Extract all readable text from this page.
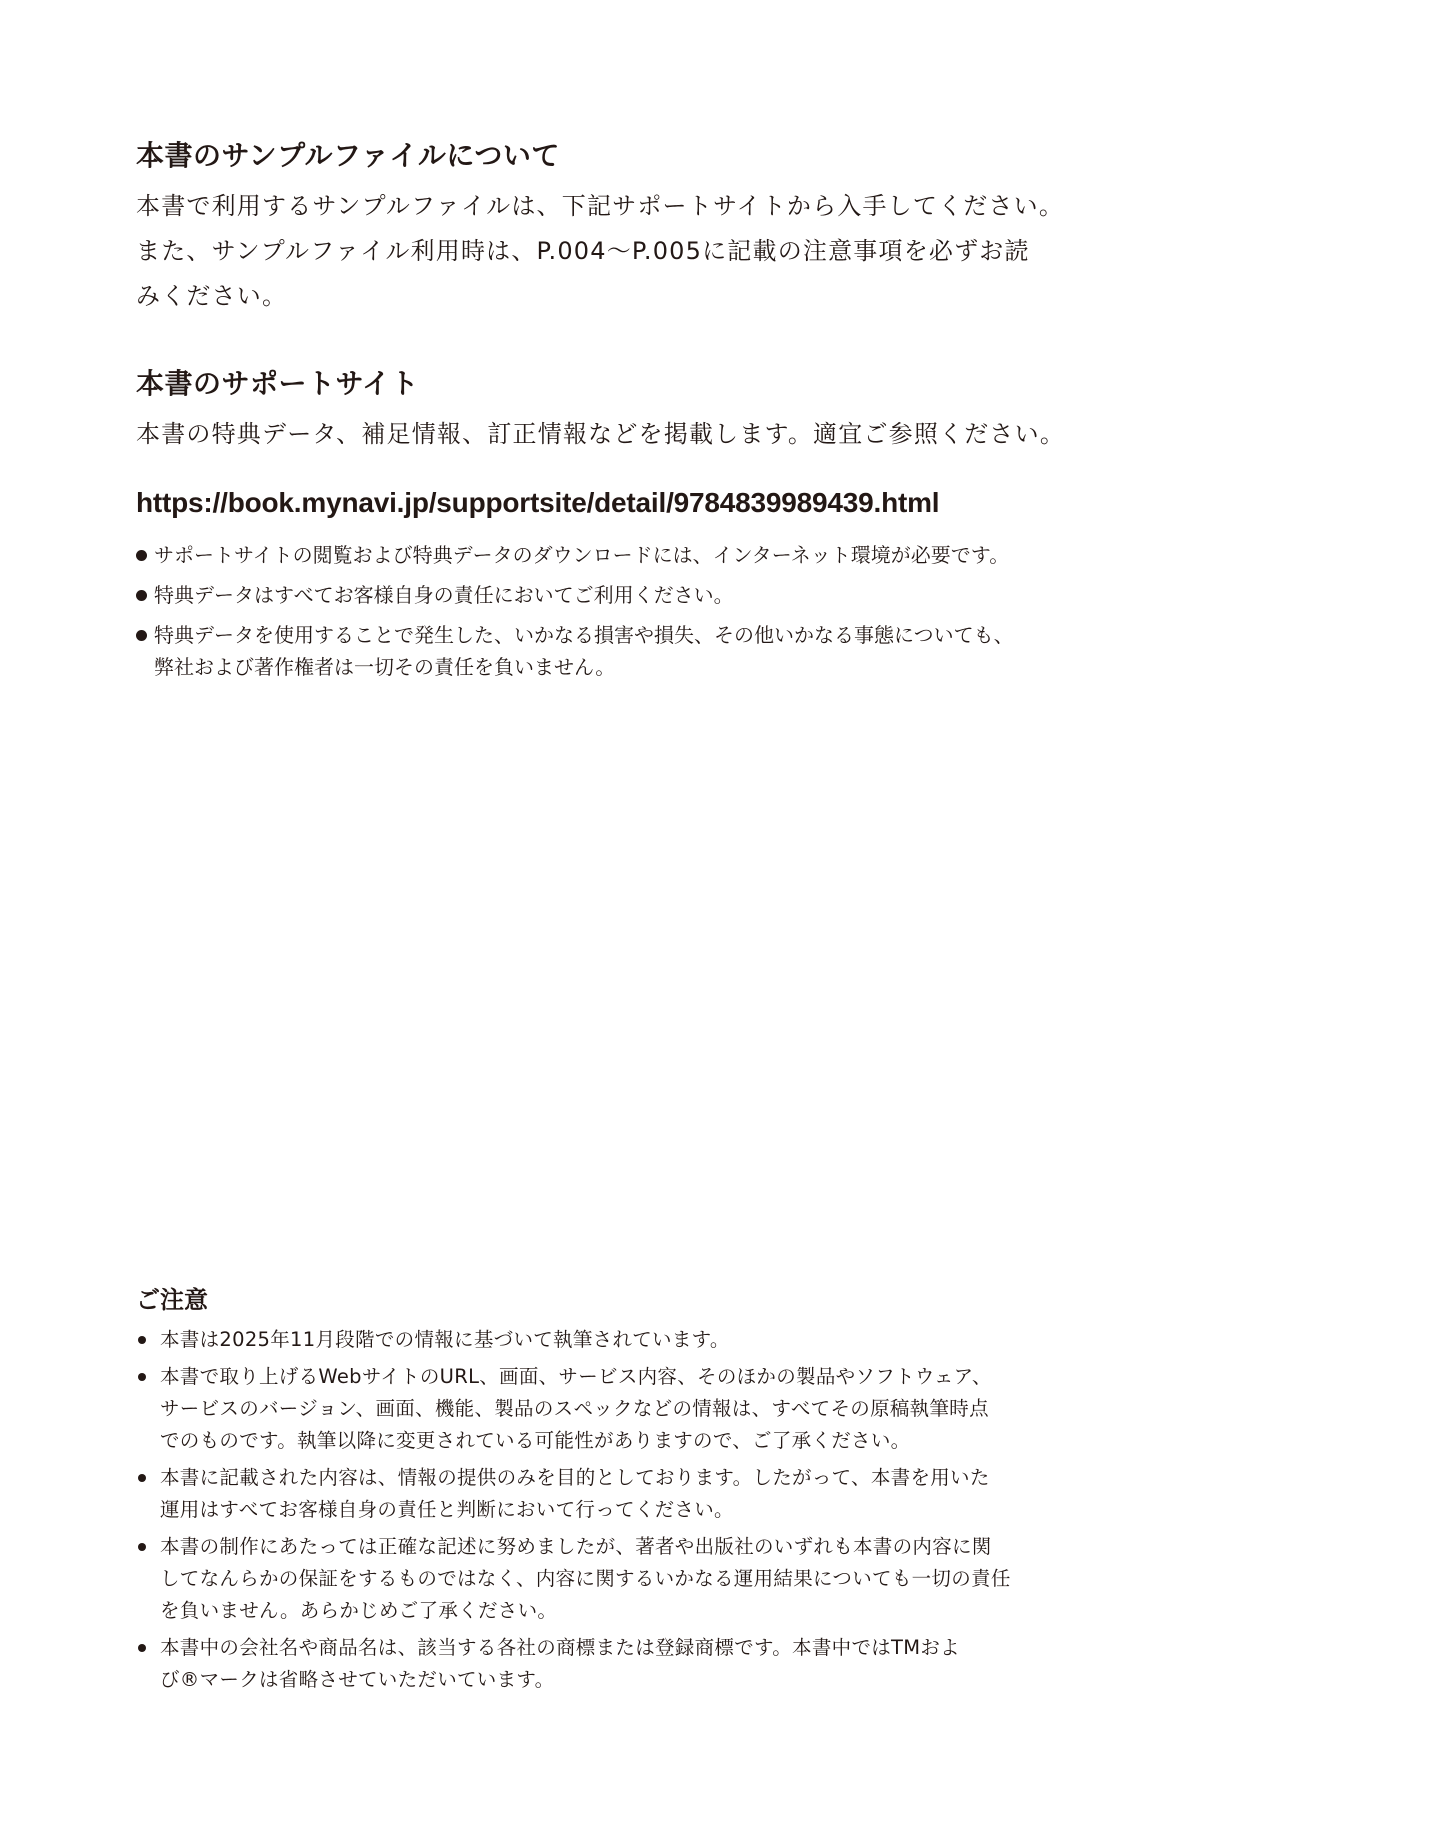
本書のサンプルファイルについて

本書で利用するサンプルファイルは、下記サポートサイトから入手してください。
また、サンプルファイル利用時は、P.004〜P.005に記載の注意事項を必ずお読
みください。

本書のサポートサイト

本書の特典データ、補足情報、訂正情報などを掲載します。適宜ご参照ください。

https://book.mynavi.jp/supportsite/detail/9784839989439.html

サポートサイトの閲覧および特典データのダウンロードには、インターネット環境が必要です。
特典データはすべてお客様自身の責任においてご利用ください。
特典データを使用することで発生した、いかなる損害や損失、その他いかなる事態についても、
弊社および著作権者は一切その責任を負いません。
ご注意
本書は2025年11月段階での情報に基づいて執筆されています。
本書で取り上げるWebサイトのURL、画面、サービス内容、そのほかの製品やソフトウェア、
サービスのバージョン、画面、機能、製品のスペックなどの情報は、すべてその原稿執筆時点
でのものです。執筆以降に変更されている可能性がありますので、ご了承ください。
本書に記載された内容は、情報の提供のみを目的としております。したがって、本書を用いた
運用はすべてお客様自身の責任と判断において行ってください。
本書の制作にあたっては正確な記述に努めましたが、著者や出版社のいずれも本書の内容に関
してなんらかの保証をするものではなく、内容に関するいかなる運用結果についても一切の責任
を負いません。あらかじめご了承ください。
本書中の会社名や商品名は、該当する各社の商標または登録商標です。本書中ではTMおよ
び®マークは省略させていただいています。
